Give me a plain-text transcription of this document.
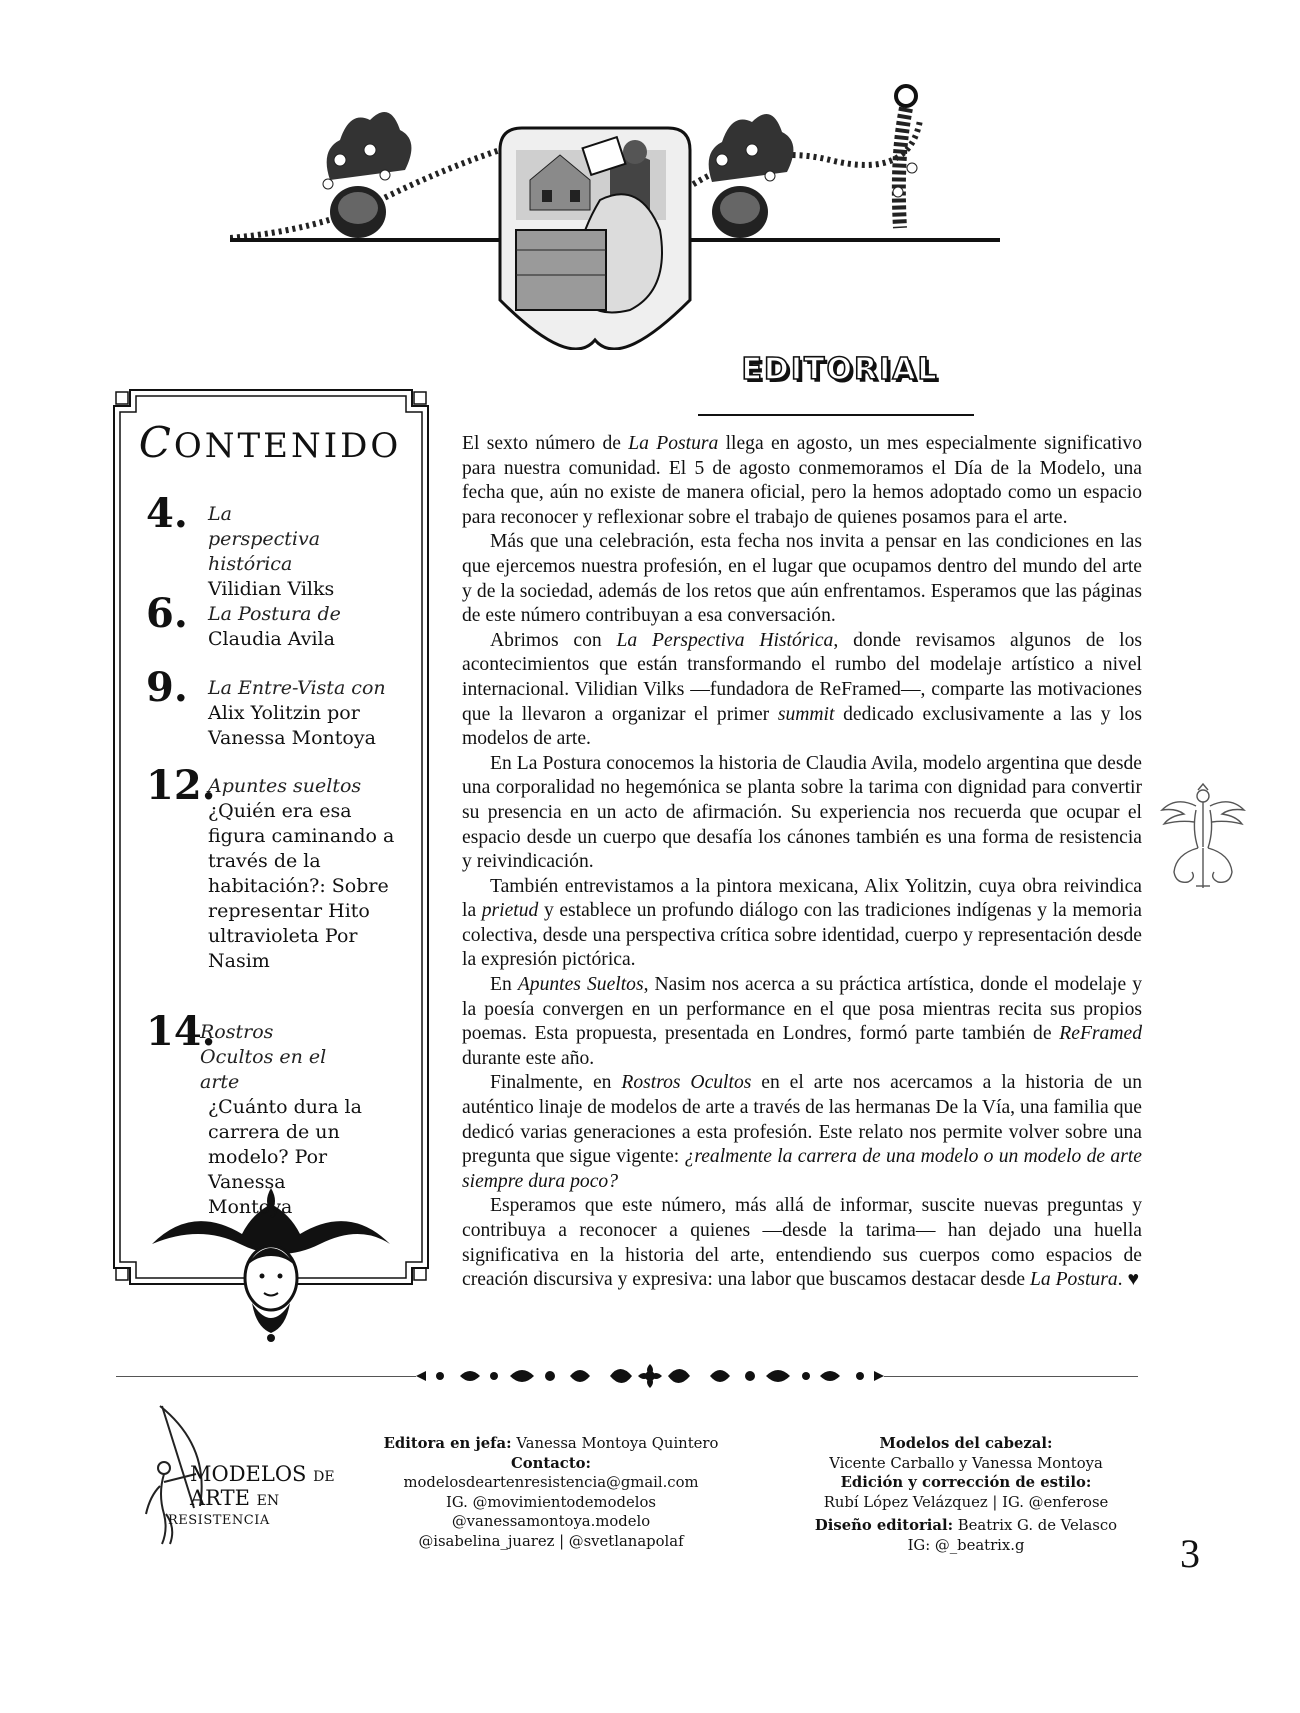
EDITORIAL
CONTENIDO
4. La perspectiva histórica
Vilidian Vilks
6. La Postura de
Claudia Avila
9. La Entre-Vista con
Alix Yolitzin por Vanessa Montoya
12.
Apuntes sueltos
¿Quién era esa figura caminando a través de la habitación?: Sobre representar Hito ultravioleta Por Nasim
14.
Rostros Ocultos en el arte
¿Cuánto dura la carrera de un modelo? Por Vanessa Montoya

El sexto número de La Postura llega en agosto, un mes especialmente significativo para nuestra comunidad. El 5 de agosto conmemoramos el Día de la Modelo, una fecha que, aún no existe de manera oficial, pero la hemos adoptado como un espacio para reconocer y reflexionar sobre el trabajo de quienes posamos para el arte.

Más que una celebración, esta fecha nos invita a pensar en las condiciones en las que ejercemos nuestra profesión, en el lugar que ocupamos dentro del mundo del arte y de la sociedad, además de los retos que aún enfrentamos. Esperamos que las páginas de este número contribuyan a esa conversación.

Abrimos con La Perspectiva Histórica, donde revisamos algunos de los acontecimientos que están transformando el rumbo del modelaje artístico a nivel internacional. Vilidian Vilks —fundadora de ReFramed—, comparte las motivaciones que la llevaron a organizar el primer summit dedicado exclusivamente a las y los modelos de arte.

En La Postura conocemos la historia de Claudia Avila, modelo argentina que desde una corporalidad no hegemónica se planta sobre la tarima con dignidad para convertir su presencia en un acto de afirmación. Su experiencia nos recuerda que ocupar el espacio desde un cuerpo que desafía los cánones también es una forma de resistencia y reivindicación.

También entrevistamos a la pintora mexicana, Alix Yolitzin, cuya obra reivindica la prietud y establece un profundo diálogo con las tradiciones indígenas y la memoria colectiva, desde una perspectiva crítica sobre identidad, cuerpo y representación desde la expresión pictórica.

En Apuntes Sueltos, Nasim nos acerca a su práctica artística, donde el modelaje y la poesía convergen en un performance en el que posa mientras recita sus propios poemas. Esta propuesta, presentada en Londres, formó parte también de ReFramed durante este año.

Finalmente, en Rostros Ocultos en el arte nos acercamos a la historia de un auténtico linaje de modelos de arte a través de las hermanas De la Vía, una familia que dedicó varias generaciones a esta profesión. Este relato nos permite volver sobre una pregunta que sigue vigente: ¿realmente la carrera de una modelo o un modelo de arte siempre dura poco?

Esperamos que este número, más allá de informar, suscite nuevas preguntas y contribuya a reconocer a quienes —desde la tarima— han dejado una huella significativa en la historia del arte, entendiendo sus cuerpos como espacios de creación discursiva y expresiva: una labor que buscamos destacar desde La Postura. ♥

MODELOS DE
ARTE EN
RESISTENCIA
Editora en jefa: Vanessa Montoya Quintero
Contacto:
modelosdeartenresistencia@gmail.com
IG. @movimientodemodelos
@vanessamontoya.modelo
@isabelina_juarez | @svetlanapolaf
Modelos del cabezal:
Vicente Carballo y Vanessa Montoya
Edición y corrección de estilo:
Rubí López Velázquez | IG. @enferose
Diseño editorial: Beatrix G. de Velasco
IG: @_beatrix.g	3
